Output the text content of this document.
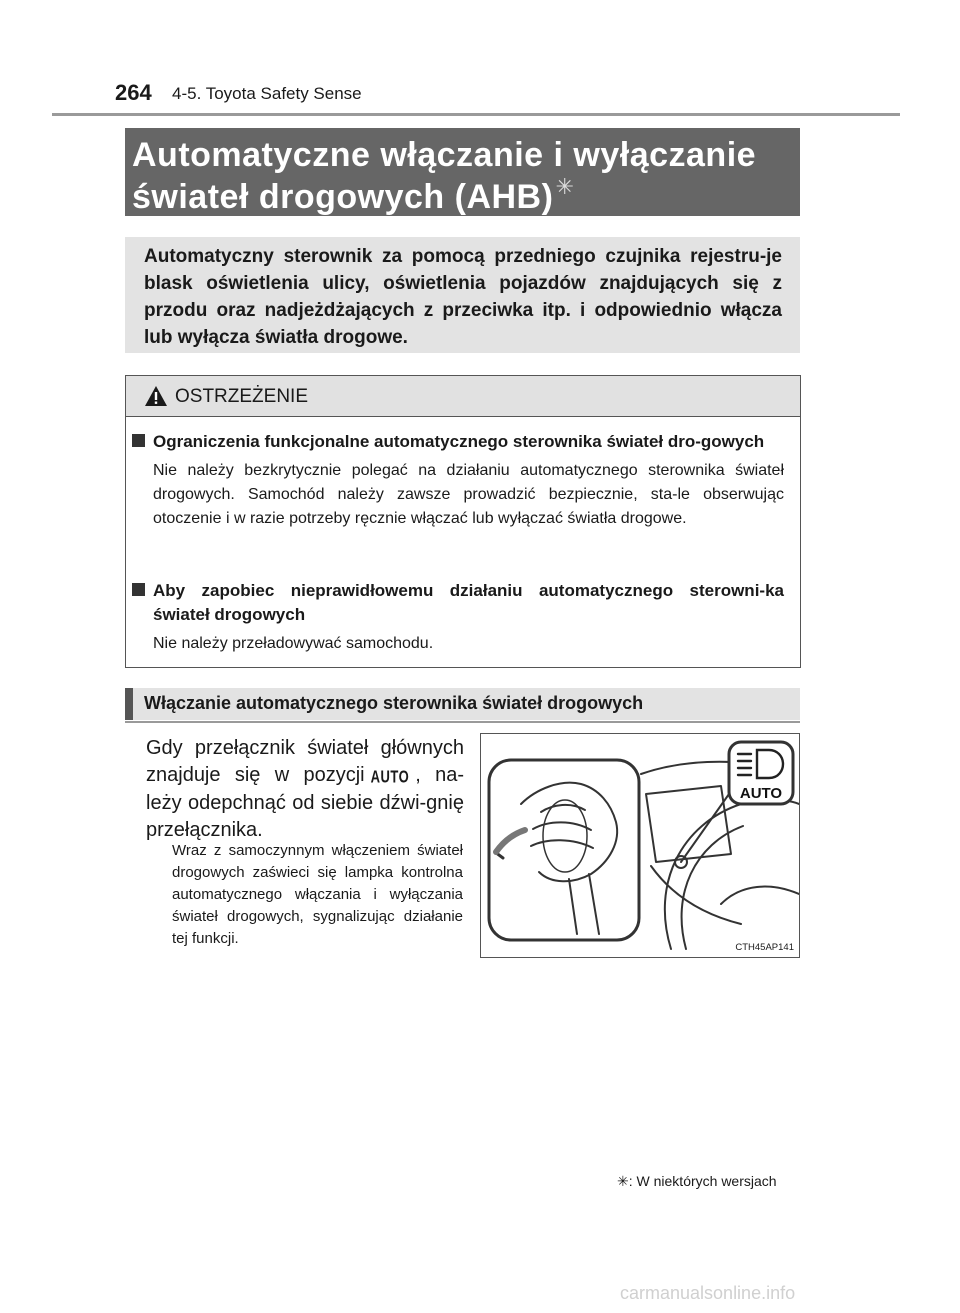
264 4-5. Toyota Safety Sense
Automatyczne włączanie i wyłączanie
świateł drogowych (AHB)✳
Automatyczny sterownik za pomocą przedniego czujnika rejestru-je blask oświetlenia ulicy, oświetlenia pojazdów znajdujących się z przodu oraz nadjeżdżających z przeciwka itp. i odpowiednio włącza lub wyłącza światła drogowe.
OSTRZEŻENIE
Ograniczenia funkcjonalne automatycznego sterownika świateł dro-gowych
Nie należy bezkrytycznie polegać na działaniu automatycznego sterownika świateł drogowych. Samochód należy zawsze prowadzić bezpiecznie, sta-le obserwując otoczenie i w razie potrzeby ręcznie włączać lub wyłączać światła drogowe.
Aby zapobiec nieprawidłowemu działaniu automatycznego sterowni-ka świateł drogowych
Nie należy przeładowywać samochodu.
Włączanie automatycznego sterownika świateł drogowych
Gdy przełącznik świateł głównych znajduje się w pozycji AUTO , na-leży odepchnąć od siebie dźwi-gnię przełącznika.
Wraz z samoczynnym włączeniem świateł drogowych zaświeci się lampka kontrolna automatycznego włączania i wyłączania świateł drogowych, sygnalizując działanie tej funkcji.
AUTO
CTH45AP141
✳: W niektórych wersjach
carmanualsonline.info
